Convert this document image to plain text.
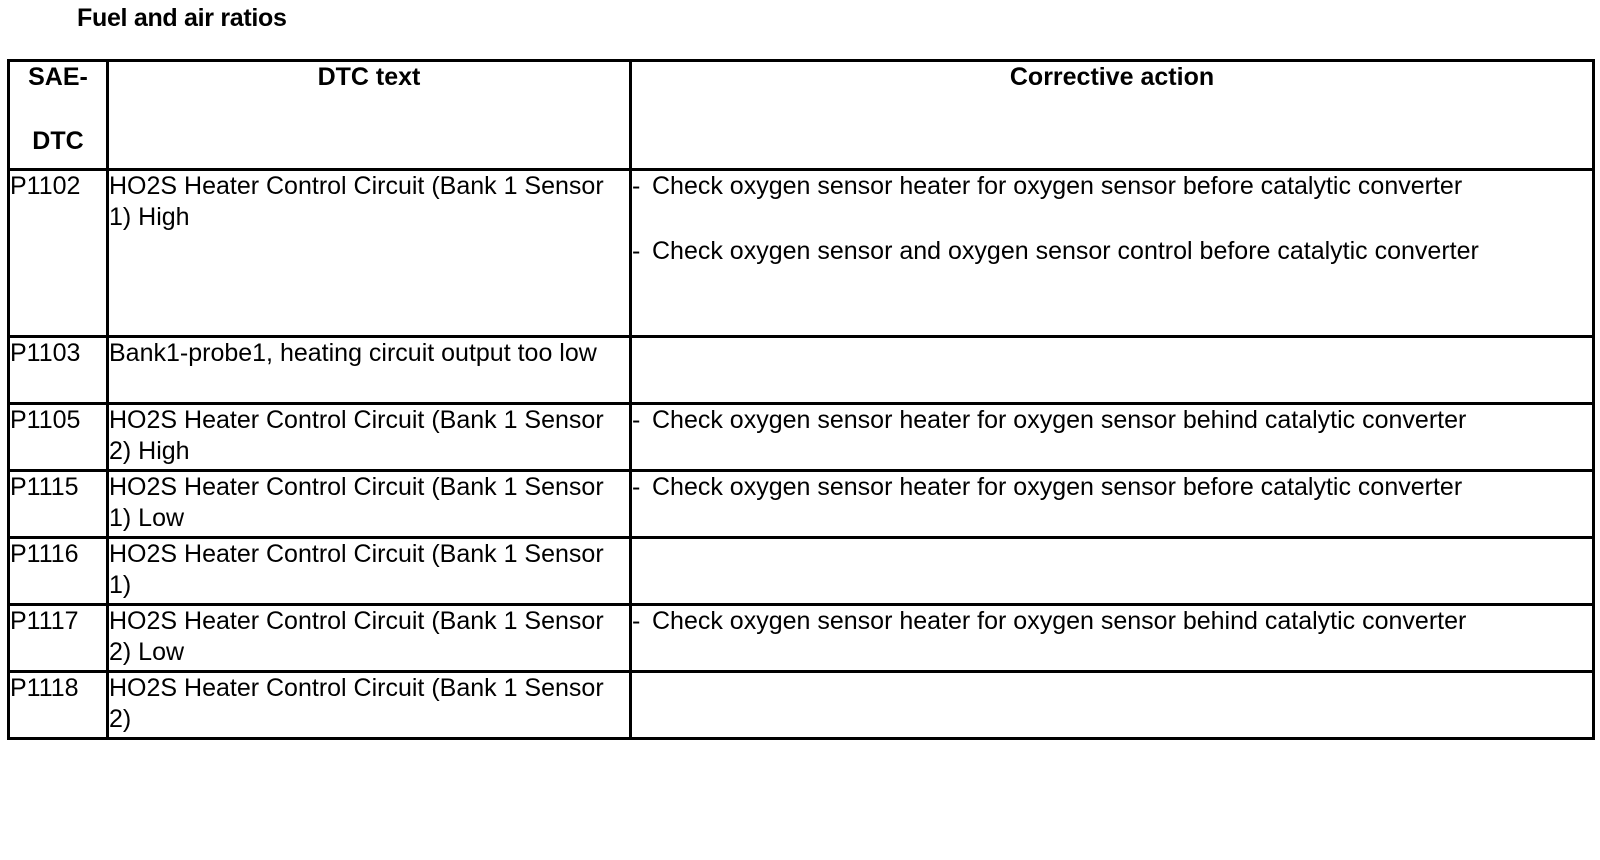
Fuel and air ratios
SAE-
DTC	DTC text	Corrective action
P1102	HO2S Heater Control Circuit (Bank 1 Sensor 1) High	- Check oxygen sensor heater for oxygen sensor before catalytic converter
- Check oxygen sensor and oxygen sensor control before catalytic converter

P1103	Bank1-probe1, heating circuit output too low	
P1105	HO2S Heater Control Circuit (Bank 1 Sensor 2) High	- Check oxygen sensor heater for oxygen sensor behind catalytic converter

P1115	HO2S Heater Control Circuit (Bank 1 Sensor 1) Low	- Check oxygen sensor heater for oxygen sensor before catalytic converter

P1116	HO2S Heater Control Circuit (Bank 1 Sensor 1)	
P1117	HO2S Heater Control Circuit (Bank 1 Sensor 2) Low	- Check oxygen sensor heater for oxygen sensor behind catalytic converter

P1118	HO2S Heater Control Circuit (Bank 1 Sensor 2)	
